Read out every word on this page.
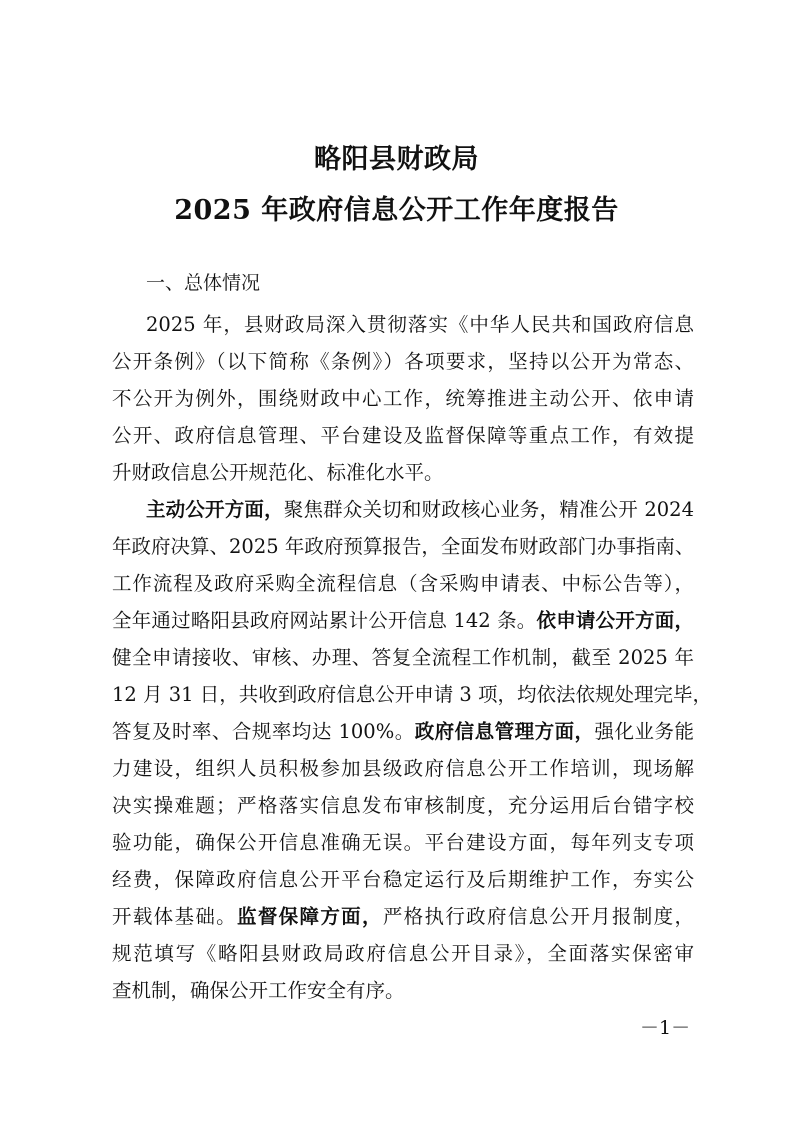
略阳县财政局
2025 年政府信息公开工作年度报告
一、总体情况
2025 年，县财政局深入贯彻落实《中华人民共和国政府信息
公开条例》（以下简称《条例》）各项要求，坚持以公开为常态、
不公开为例外，围绕财政中心工作，统筹推进主动公开、依申请
公开、政府信息管理、平台建设及监督保障等重点工作，有效提
升财政信息公开规范化、标准化水平。
主动公开方面，聚焦群众关切和财政核心业务，精准公开 2024
年政府决算、2025 年政府预算报告，全面发布财政部门办事指南、
工作流程及政府采购全流程信息（含采购申请表、中标公告等），
全年通过略阳县政府网站累计公开信息 142 条。依申请公开方面，
健全申请接收、审核、办理、答复全流程工作机制，截至 2025 年
12 月 31 日，共收到政府信息公开申请 3 项，均依法依规处理完毕，
答复及时率、合规率均达 100%。政府信息管理方面，强化业务能
力建设，组织人员积极参加县级政府信息公开工作培训，现场解
决实操难题；严格落实信息发布审核制度，充分运用后台错字校
验功能，确保公开信息准确无误。平台建设方面，每年列支专项
经费，保障政府信息公开平台稳定运行及后期维护工作，夯实公
开载体基础。监督保障方面，严格执行政府信息公开月报制度，
规范填写《略阳县财政局政府信息公开目录》，全面落实保密审
查机制，确保公开工作安全有序。
－1－
